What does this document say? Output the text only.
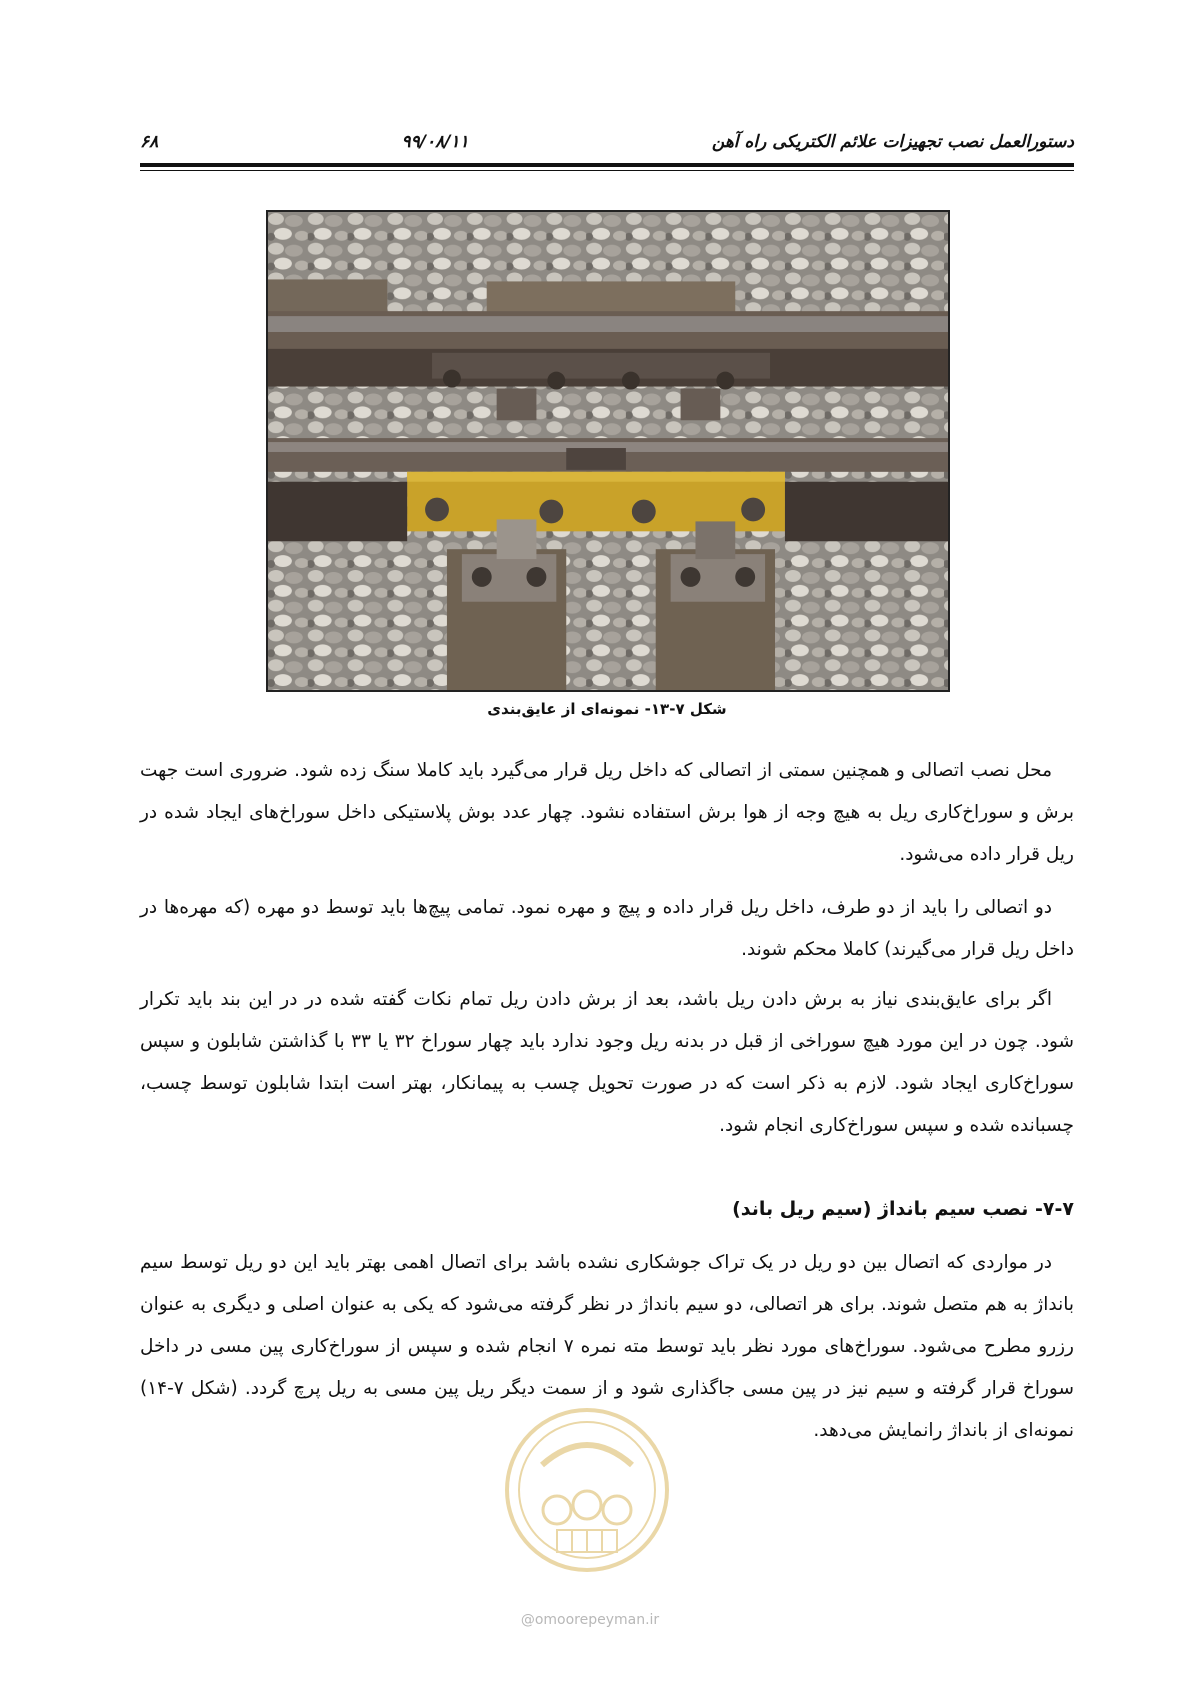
۶۸	۹۹/۰۸/۱۱	دستورالعمل نصب تجهیزات علائم الکتریکی راه آهن
شکل ۷-۱۳- نمونه‌ای از عایق‌بندی
محل نصب اتصالی و همچنین سمتی از اتصالی که داخل ریل قرار می‌گیرد باید کاملا سنگ زده شود. ضروری است جهت برش و سوراخ‌کاری ریل به هیچ وجه از هوا برش استفاده نشود. چهار عدد بوش پلاستیکی داخل سوراخ‌های ایجاد شده در ریل قرار داده می‌شود.
دو اتصالی را باید از دو طرف، داخل ریل قرار داده و پیچ و مهره نمود. تمامی پیچ‌ها باید توسط دو مهره (که مهره‌ها در داخل ریل قرار می‌گیرند) کاملا محکم شوند.
اگر برای عایق‌بندی نیاز به برش دادن ریل باشد، بعد از برش دادن ریل تمام نکات گفته شده در در این بند باید تکرار شود. چون در این مورد هیچ سوراخی از قبل در بدنه ریل وجود ندارد باید چهار سوراخ ۳۲ یا ۳۳ با گذاشتن شابلون و سپس سوراخ‌کاری ایجاد شود. لازم به ذکر است که در صورت تحویل چسب به پیمانکار، بهتر است ابتدا شابلون توسط چسب، چسبانده شده و سپس سوراخ‌کاری انجام شود.
۷-۷- نصب سیم بانداژ (سیم ریل باند)
در مواردی که اتصال بین دو ریل در یک تراک جوشکاری نشده باشد برای اتصال اهمی بهتر باید این دو ریل توسط سیم بانداژ به هم متصل شوند. برای هر اتصالی، دو سیم بانداژ در نظر گرفته می‌شود که یکی به عنوان اصلی و دیگری به عنوان رزرو مطرح می‌شود. سوراخ‌های مورد نظر باید توسط مته نمره ۷ انجام شده و سپس از سوراخ‌کاری پین مسی در داخل سوراخ قرار گرفته و سیم نیز در پین مسی جاگذاری شود و از سمت دیگر ریل پین مسی به ریل پرچ گردد. (شکل ۷-۱۴) نمونه‌ای از بانداژ رانمایش می‌دهد.
@omoorepeyman.ir
